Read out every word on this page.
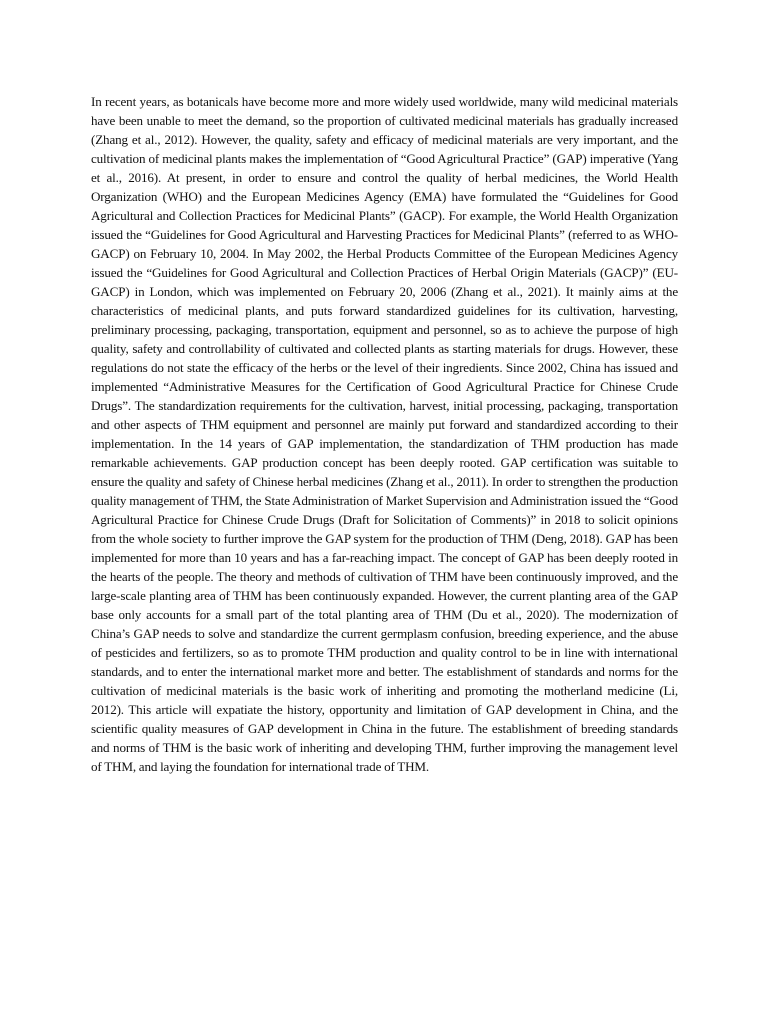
In recent years, as botanicals have become more and more widely used worldwide, many wild medicinal materials have been unable to meet the demand, so the proportion of cultivated medicinal materials has gradually increased (Zhang et al., 2012). However, the quality, safety and efficacy of medicinal materials are very important, and the cultivation of medicinal plants makes the implementation of “Good Agricultural Practice” (GAP) imperative (Yang et al., 2016). At present, in order to ensure and control the quality of herbal medicines, the World Health Organization (WHO) and the European Medicines Agency (EMA) have formulated the “Guidelines for Good Agricultural and Collection Practices for Medicinal Plants” (GACP). For example, the World Health Organization issued the “Guidelines for Good Agricultural and Harvesting Practices for Medicinal Plants” (referred to as WHO-GACP) on February 10, 2004. In May 2002, the Herbal Products Committee of the European Medicines Agency issued the “Guidelines for Good Agricultural and Collection Practices of Herbal Origin Materials (GACP)” (EU-GACP) in London, which was implemented on February 20, 2006 (Zhang et al., 2021). It mainly aims at the characteristics of medicinal plants, and puts forward standardized guidelines for its cultivation, harvesting, preliminary processing, packaging, transportation, equipment and personnel, so as to achieve the purpose of high quality, safety and controllability of cultivated and collected plants as starting materials for drugs. However, these regulations do not state the efficacy of the herbs or the level of their ingredients. Since 2002, China has issued and implemented “Administrative Measures for the Certification of Good Agricultural Practice for Chinese Crude Drugs”. The standardization requirements for the cultivation, harvest, initial processing, packaging, transportation and other aspects of THM equipment and personnel are mainly put forward and standardized according to their implementation. In the 14 years of GAP implementation, the standardization of THM production has made remarkable achievements. GAP production concept has been deeply rooted. GAP certification was suitable to ensure the quality and safety of Chinese herbal medicines (Zhang et al., 2011). In order to strengthen the production quality management of THM, the State Administration of Market Supervision and Administration issued the “Good Agricultural Practice for Chinese Crude Drugs (Draft for Solicitation of Comments)” in 2018 to solicit opinions from the whole society to further improve the GAP system for the production of THM (Deng, 2018). GAP has been implemented for more than 10 years and has a far-reaching impact. The concept of GAP has been deeply rooted in the hearts of the people. The theory and methods of cultivation of THM have been continuously improved, and the large-scale planting area of THM has been continuously expanded. However, the current planting area of the GAP base only accounts for a small part of the total planting area of THM (Du et al., 2020). The modernization of China’s GAP needs to solve and standardize the current germplasm confusion, breeding experience, and the abuse of pesticides and fertilizers, so as to promote THM production and quality control to be in line with international standards, and to enter the international market more and better. The establishment of standards and norms for the cultivation of medicinal materials is the basic work of inheriting and promoting the motherland medicine (Li, 2012). This article will expatiate the history, opportunity and limitation of GAP development in China, and the scientific quality measures of GAP development in China in the future. The establishment of breeding standards and norms of THM is the basic work of inheriting and developing THM, further improving the management level of THM, and laying the foundation for international trade of THM.
